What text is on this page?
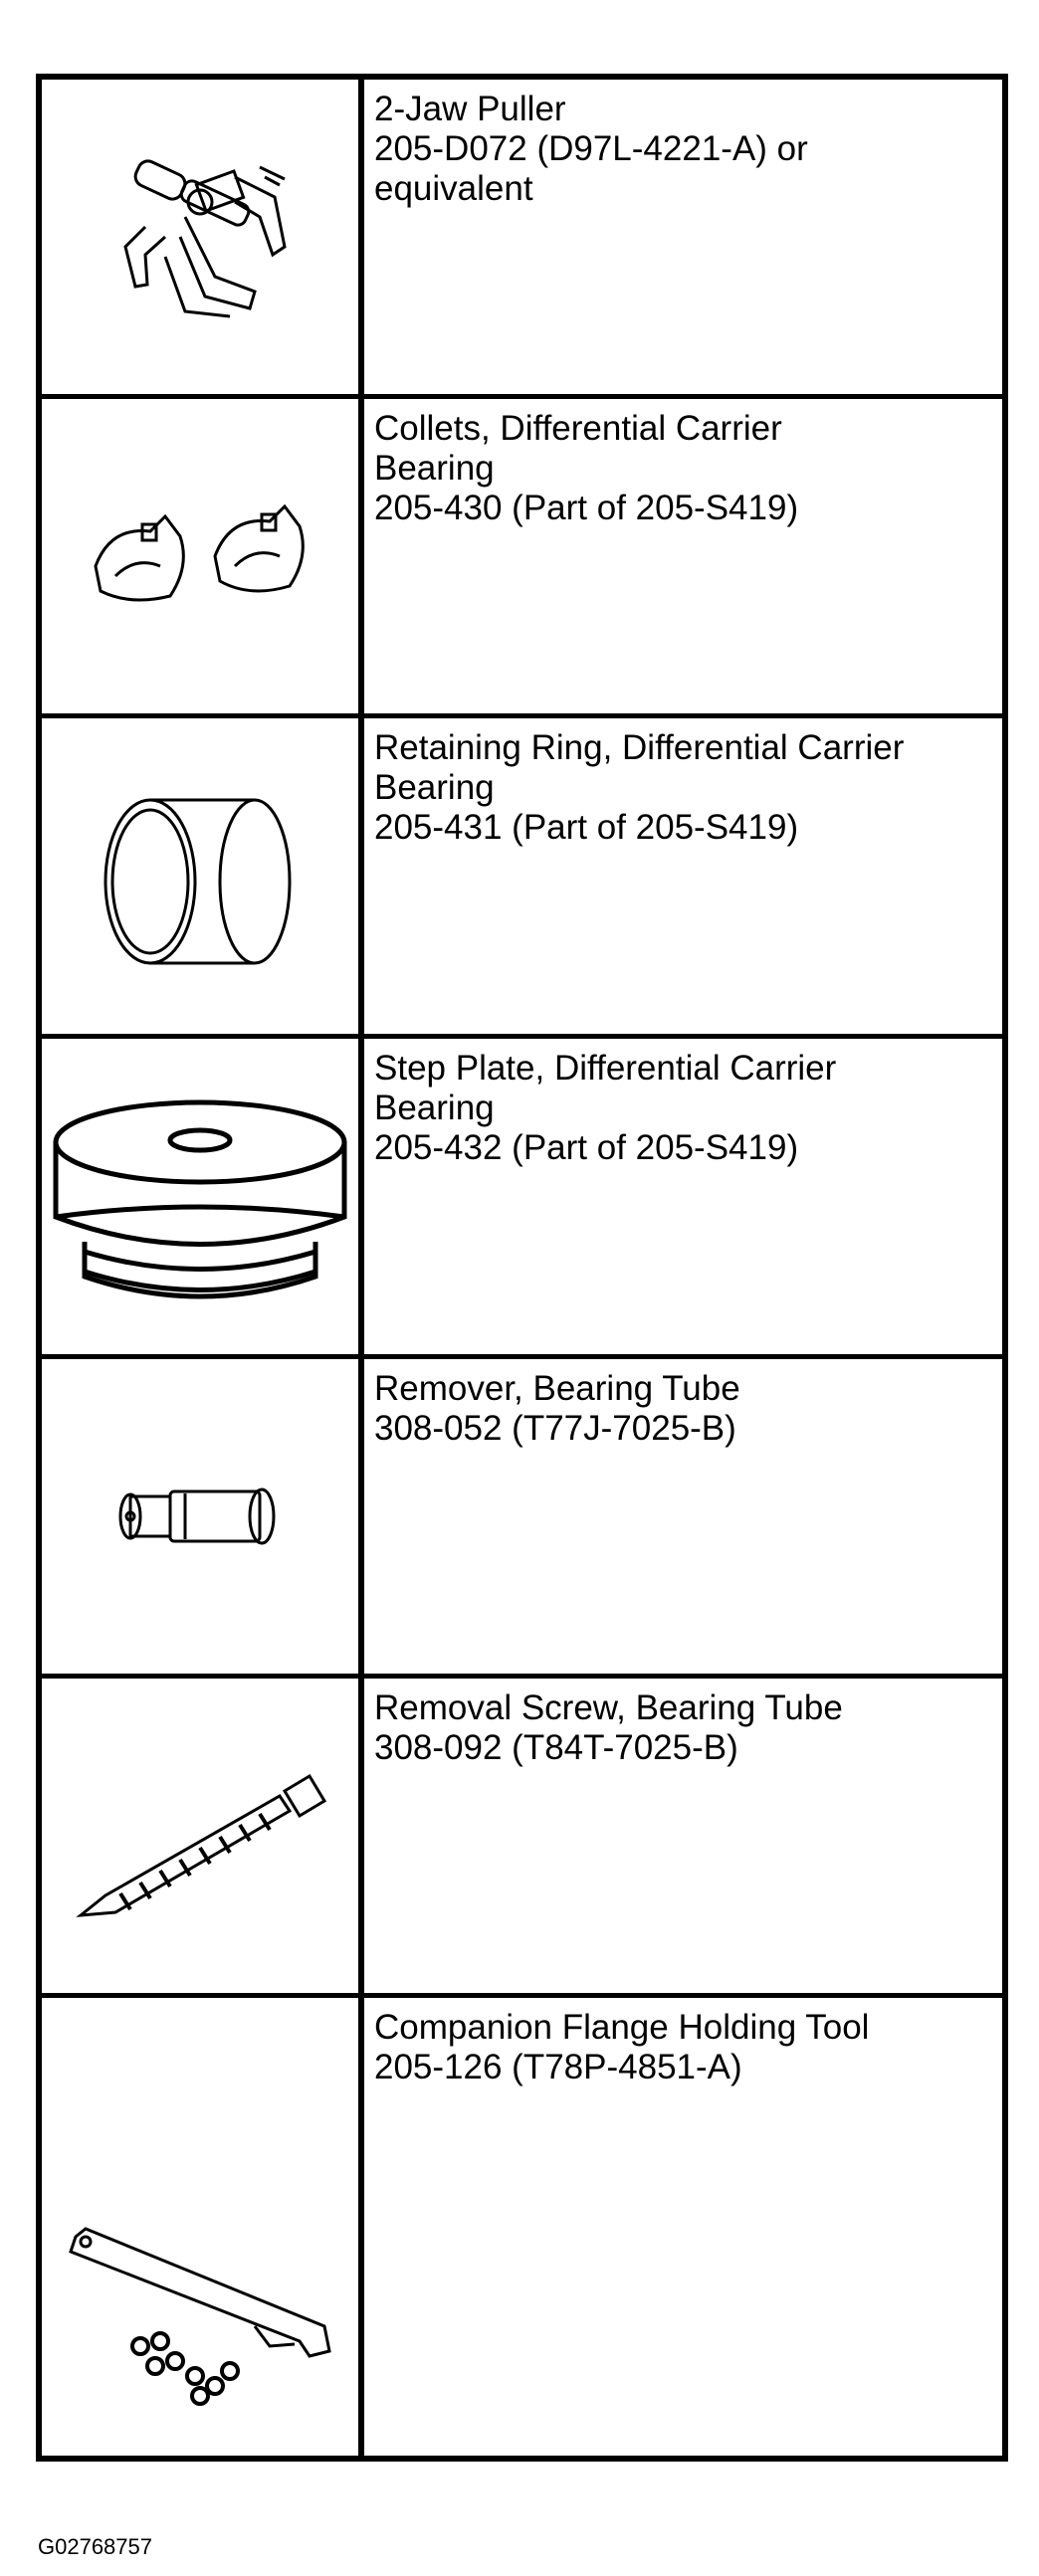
2-Jaw Puller
205-D072 (D97L-4221-A) or
equivalent
Collets, Differential Carrier
Bearing
205-430 (Part of 205-S419)
Retaining Ring, Differential Carrier
Bearing
205-431 (Part of 205-S419)
Step Plate, Differential Carrier
Bearing
205-432 (Part of 205-S419)
Remover, Bearing Tube
308-052 (T77J-7025-B)
Removal Screw, Bearing Tube
308-092 (T84T-7025-B)
Companion Flange Holding Tool
205-126 (T78P-4851-A)
G02768757
